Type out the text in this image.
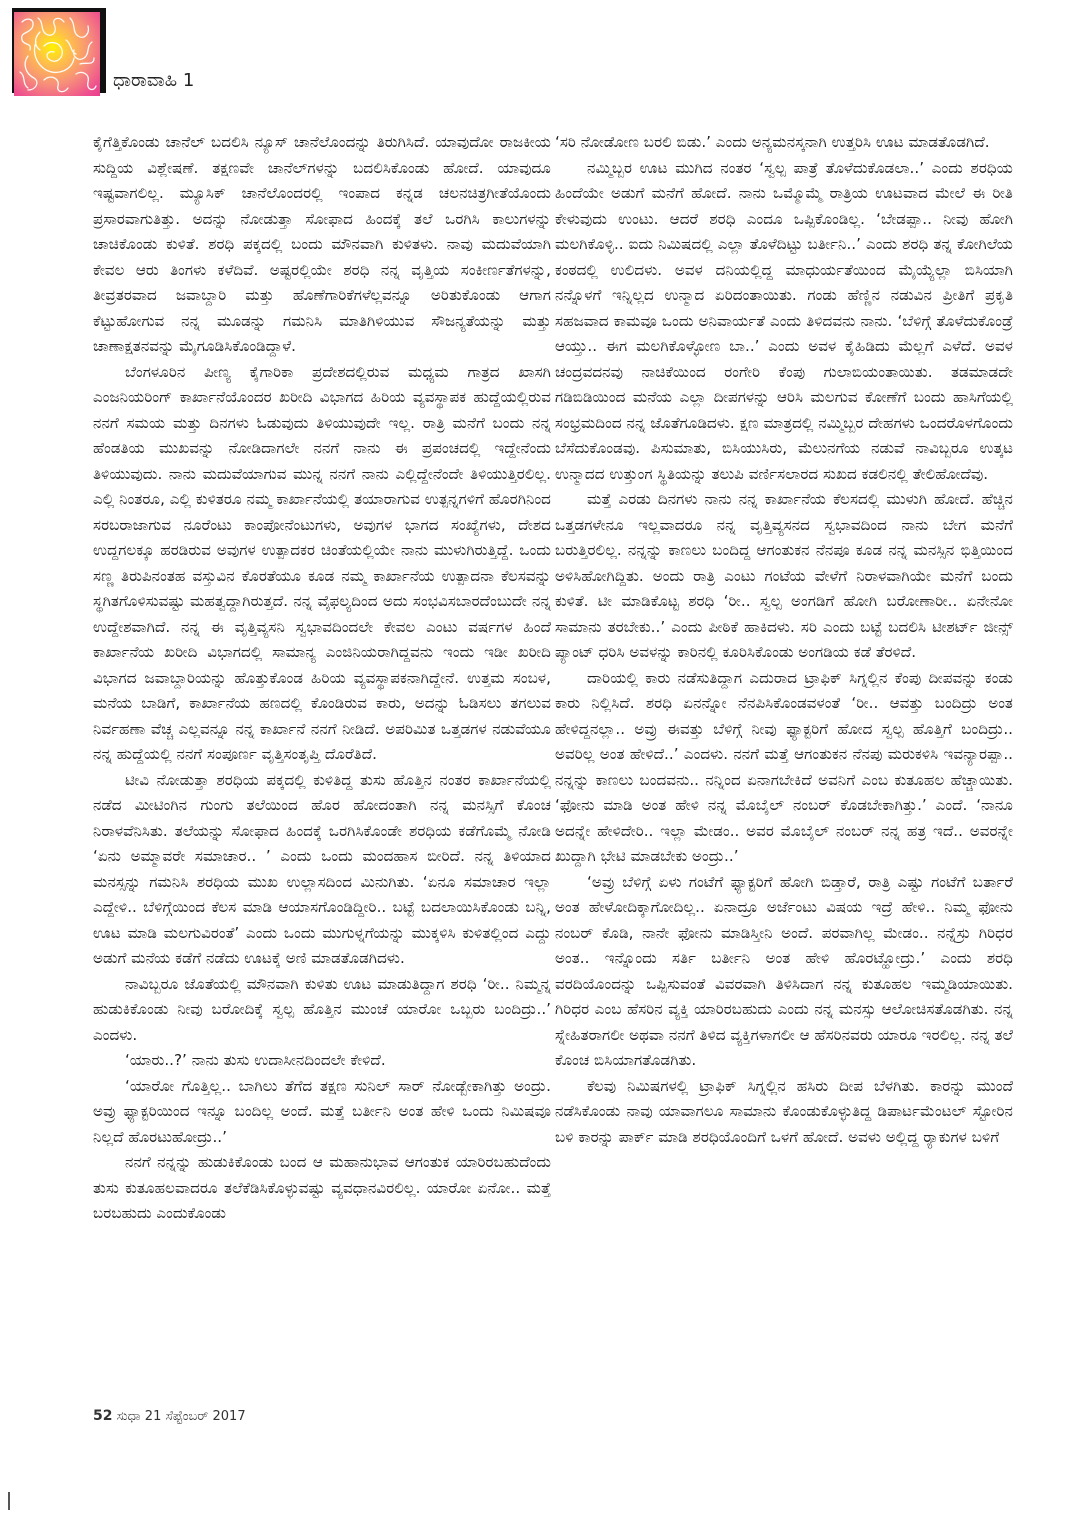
ಧಾರಾವಾಹಿ 1

ಕೈಗೆತ್ತಿಕೊಂಡು ಚಾನೆಲ್ ಬದಲಿಸಿ ನ್ಯೂಸ್ ಚಾನೆಲೊಂದನ್ನು ತಿರುಗಿಸಿದೆ. ಯಾವುದೋ ರಾಜಕೀಯ ಸುದ್ದಿಯ ವಿಶ್ಲೇಷಣೆ. ತಕ್ಷಣವೇ ಚಾನೆಲ್‌ಗಳನ್ನು ಬದಲಿಸಿಕೊಂಡು ಹೋದೆ. ಯಾವುದೂ ಇಷ್ಟವಾಗಲಿಲ್ಲ. ಮ್ಯೂಸಿಕ್ ಚಾನೆಲೊಂದರಲ್ಲಿ ಇಂಪಾದ ಕನ್ನಡ ಚಲನಚಿತ್ರಗೀತೆಯೊಂದು ಪ್ರಸಾರವಾಗುತಿತ್ತು. ಅದನ್ನು ನೋಡುತ್ತಾ ಸೋಫಾದ ಹಿಂದಕ್ಕೆ ತಲೆ ಒರಗಿಸಿ ಕಾಲುಗಳನ್ನು ಚಾಚಿಕೊಂಡು ಕುಳಿತೆ. ಶರಧಿ ಪಕ್ಕದಲ್ಲಿ ಬಂದು ಮೌನವಾಗಿ ಕುಳಿತಳು. ನಾವು ಮದುವೆಯಾಗಿ ಕೇವಲ ಆರು ತಿಂಗಳು ಕಳೆದಿವೆ. ಅಷ್ಟರಲ್ಲಿಯೇ ಶರಧಿ ನನ್ನ ವೃತ್ತಿಯ ಸಂಕೀರ್ಣತೆಗಳನ್ನು, ತೀವ್ರತರವಾದ ಜವಾಬ್ದಾರಿ ಮತ್ತು ಹೊಣೆಗಾರಿಕೆಗಳೆಲ್ಲವನ್ನೂ ಅರಿತುಕೊಂಡು ಆಗಾಗ ಕೆಟ್ಟುಹೋಗುವ ನನ್ನ ಮೂಡನ್ನು ಗಮನಿಸಿ ಮಾತಿಗಿಳಿಯುವ ಸೌಜನ್ಯತೆಯನ್ನು ಮತ್ತು ಚಾಣಾಕ್ಷತನವನ್ನು ಮೈಗೂಡಿಸಿಕೊಂಡಿದ್ದಾಳೆ.

ಬೆಂಗಳೂರಿನ ಪೀಣ್ಯ ಕೈಗಾರಿಕಾ ಪ್ರದೇಶದಲ್ಲಿರುವ ಮಧ್ಯಮ ಗಾತ್ರದ ಖಾಸಗಿ ಎಂಜನಿಯರಿಂಗ್ ಕಾರ್ಖಾನೆಯೊಂದರ ಖರೀದಿ ವಿಭಾಗದ ಹಿರಿಯ ವ್ಯವಸ್ಥಾಪಕ ಹುದ್ದೆಯಲ್ಲಿರುವ ನನಗೆ ಸಮಯ ಮತ್ತು ದಿನಗಳು ಓಡುವುದು ತಿಳಿಯುವುದೇ ಇಲ್ಲ. ರಾತ್ರಿ ಮನೆಗೆ ಬಂದು ನನ್ನ ಹೆಂಡತಿಯ ಮುಖವನ್ನು ನೋಡಿದಾಗಲೇ ನನಗೆ ನಾನು ಈ ಪ್ರಪಂಚದಲ್ಲಿ ಇದ್ದೇನೆಂದು ತಿಳಿಯುವುದು. ನಾನು ಮದುವೆಯಾಗುವ ಮುನ್ನ ನನಗೆ ನಾನು ಎಲ್ಲಿದ್ದೇನೆಂದೇ ತಿಳಿಯುತ್ತಿರಲಿಲ್ಲ. ಎಲ್ಲಿ ನಿಂತರೂ, ಎಲ್ಲಿ ಕುಳಿತರೂ ನಮ್ಮ ಕಾರ್ಖಾನೆಯಲ್ಲಿ ತಯಾರಾಗುವ ಉತ್ಪನ್ನಗಳಿಗೆ ಹೊರಗಿನಿಂದ ಸರಬರಾಜಾಗುವ ನೂರೆಂಟು ಕಾಂಪೋನೆಂಟುಗಳು, ಅವುಗಳ ಭಾಗದ ಸಂಖ್ಯೆಗಳು, ದೇಶದ ಉದ್ದಗಲಕ್ಕೂ ಹರಡಿರುವ ಅವುಗಳ ಉತ್ಪಾದಕರ ಚಿಂತೆಯಲ್ಲಿಯೇ ನಾನು ಮುಳುಗಿರುತ್ತಿದ್ದೆ. ಒಂದು ಸಣ್ಣ ತಿರುಪಿನಂತಹ ವಸ್ತುವಿನ ಕೊರತೆಯೂ ಕೂಡ ನಮ್ಮ ಕಾರ್ಖಾನೆಯ ಉತ್ಪಾದನಾ ಕೆಲಸವನ್ನು ಸ್ಥಗಿತಗೊಳಿಸುವಷ್ಟು ಮಹತ್ವದ್ದಾಗಿರುತ್ತದೆ. ನನ್ನ ವೈಫಲ್ಯದಿಂದ ಅದು ಸಂಭವಿಸಬಾರದೆಂಬುದೇ ನನ್ನ ಉದ್ದೇಶವಾಗಿದೆ. ನನ್ನ ಈ ವೃತ್ತಿವ್ಯಸನಿ ಸ್ವಭಾವದಿಂದಲೇ ಕೇವಲ ಎಂಟು ವರ್ಷಗಳ ಹಿಂದೆ ಕಾರ್ಖಾನೆಯ ಖರೀದಿ ವಿಭಾಗದಲ್ಲಿ ಸಾಮಾನ್ಯ ಎಂಜಿನಿಯರಾಗಿದ್ದವನು ಇಂದು ಇಡೀ ಖರೀದಿ ವಿಭಾಗದ ಜವಾಬ್ದಾರಿಯನ್ನು ಹೊತ್ತುಕೊಂಡ ಹಿರಿಯ ವ್ಯವಸ್ಥಾಪಕನಾಗಿದ್ದೇನೆ. ಉತ್ತಮ ಸಂಬಳ, ಮನೆಯ ಬಾಡಿಗೆ, ಕಾರ್ಖಾನೆಯ ಹಣದಲ್ಲಿ ಕೊಂಡಿರುವ ಕಾರು, ಅದನ್ನು ಓಡಿಸಲು ತಗಲುವ ನಿರ್ವಹಣಾ ವೆಚ್ಚ ಎಲ್ಲವನ್ನೂ ನನ್ನ ಕಾರ್ಖಾನೆ ನನಗೆ ನೀಡಿದೆ. ಅಪರಿಮಿತ ಒತ್ತಡಗಳ ನಡುವೆಯೂ ನನ್ನ ಹುದ್ದೆಯಲ್ಲಿ ನನಗೆ ಸಂಪೂರ್ಣ ವೃತ್ತಿಸಂತೃಪ್ತಿ ದೊರೆತಿದೆ.

ಟೀವಿ ನೋಡುತ್ತಾ ಶರಧಿಯ ಪಕ್ಕದಲ್ಲಿ ಕುಳಿತಿದ್ದ ತುಸು ಹೊತ್ತಿನ ನಂತರ ಕಾರ್ಖಾನೆಯಲ್ಲಿ ನಡೆದ ಮೀಟಿಂಗಿನ ಗುಂಗು ತಲೆಯಿಂದ ಹೊರ ಹೋದಂತಾಗಿ ನನ್ನ ಮನಸ್ಸಿಗೆ ಕೊಂಚ ನಿರಾಳವೆನಿಸಿತು. ತಲೆಯನ್ನು ಸೋಫಾದ ಹಿಂದಕ್ಕೆ ಒರಗಿಸಿಕೊಂಡೇ ಶರಧಿಯ ಕಡೆಗೊಮ್ಮೆ ನೋಡಿ ‘ಏನು ಅಮ್ಮಾವರೇ ಸಮಾಚಾರ.. ’ ಎಂದು ಒಂದು ಮಂದಹಾಸ ಬೀರಿದೆ. ನನ್ನ ತಿಳಿಯಾದ ಮನಸ್ಸನ್ನು ಗಮನಿಸಿ ಶರಧಿಯ ಮುಖ ಉಲ್ಲಾಸದಿಂದ ಮಿನುಗಿತು. ‘ಏನೂ ಸಮಾಚಾರ ಇಲ್ಲಾ ಎದ್ದೇಳಿ.. ಬೆಳಿಗ್ಗೆಯಿಂದ ಕೆಲಸ ಮಾಡಿ ಆಯಾಸಗೊಂಡಿದ್ದೀರಿ.. ಬಟ್ಟೆ ಬದಲಾಯಿಸಿಕೊಂಡು ಬನ್ನಿ, ಊಟ ಮಾಡಿ ಮಲಗುವಿರಂತೆ’ ಎಂದು ಒಂದು ಮುಗುಳ್ನಗೆಯನ್ನು ಮುಕ್ಕಳಿಸಿ ಕುಳಿತಲ್ಲಿಂದ ಎದ್ದು ಅಡುಗೆ ಮನೆಯ ಕಡೆಗೆ ನಡೆದು ಊಟಕ್ಕೆ ಅಣಿ ಮಾಡತೊಡಗಿದಳು.

ನಾವಿಬ್ಬರೂ ಜೊತೆಯಲ್ಲಿ ಮೌನವಾಗಿ ಕುಳಿತು ಊಟ ಮಾಡುತಿದ್ದಾಗ ಶರಧಿ ‘ರೀ.. ನಿಮ್ಮನ್ನ ಹುಡುಕಿಕೊಂಡು ನೀವು ಬರೋದಿಕ್ಕೆ ಸ್ವಲ್ಪ ಹೊತ್ತಿನ ಮುಂಚೆ ಯಾರೋ ಒಬ್ಬರು ಬಂದಿದ್ರು..’ ಎಂದಳು.

‘ಯಾರು..?’ ನಾನು ತುಸು ಉದಾಸೀನದಿಂದಲೇ ಕೇಳಿದೆ.

‘ಯಾರೋ ಗೊತ್ತಿಲ್ಲ.. ಬಾಗಿಲು ತೆಗೆದ ತಕ್ಷಣ ಸುನಿಲ್ ಸಾರ್ ನೋಡ್ಬೇಕಾಗಿತ್ತು ಅಂದ್ರು. ಅವ್ರು ಫ್ಯಾಕ್ಟರಿಯಿಂದ ಇನ್ನೂ ಬಂದಿಲ್ಲ ಅಂದೆ. ಮತ್ತೆ ಬರ್ತೀನಿ ಅಂತ ಹೇಳಿ ಒಂದು ನಿಮಿಷವೂ ನಿಲ್ಲದೆ ಹೊರಟುಹೋದ್ರು..’

ನನಗೆ ನನ್ನನ್ನು ಹುಡುಕಿಕೊಂಡು ಬಂದ ಆ ಮಹಾನುಭಾವ ಆಗಂತುಕ ಯಾರಿರಬಹುದೆಂದು ತುಸು ಕುತೂಹಲವಾದರೂ ತಲೆಕೆಡಿಸಿಕೊಳ್ಳುವಷ್ಟು ವ್ಯವಧಾನವಿರಲಿಲ್ಲ. ಯಾರೋ ಏನೋ.. ಮತ್ತೆ ಬರಬಹುದು ಎಂದುಕೊಂಡು

‘ಸರಿ ನೋಡೋಣ ಬರಲಿ ಬಿಡು.’ ಎಂದು ಅನ್ಯಮನಸ್ಕನಾಗಿ ಉತ್ತರಿಸಿ ಊಟ ಮಾಡತೊಡಗಿದೆ.

ನಮ್ಮಿಬ್ಬರ ಊಟ ಮುಗಿದ ನಂತರ ‘ಸ್ವಲ್ಪ ಪಾತ್ರೆ ತೊಳೆದುಕೊಡಲಾ..’ ಎಂದು ಶರಧಿಯ ಹಿಂದೆಯೇ ಅಡುಗೆ ಮನೆಗೆ ಹೋದೆ. ನಾನು ಒಮ್ಮೊಮ್ಮೆ ರಾತ್ರಿಯ ಊಟವಾದ ಮೇಲೆ ಈ ರೀತಿ ಕೇಳುವುದು ಉಂಟು. ಆದರೆ ಶರಧಿ ಎಂದೂ ಒಪ್ಪಿಕೊಂಡಿಲ್ಲ. ‘ಬೇಡಪ್ಪಾ.. ನೀವು ಹೋಗಿ ಮಲಗಿಕೊಳ್ಳಿ.. ಐದು ನಿಮಿಷದಲ್ಲಿ ಎಲ್ಲಾ ತೊಳೆದಿಟ್ಟು ಬರ್ತೀನಿ..’ ಎಂದು ಶರಧಿ ತನ್ನ ಕೋಗಿಲೆಯ ಕಂಠದಲ್ಲಿ ಉಲಿದಳು. ಅವಳ ದನಿಯಲ್ಲಿದ್ದ ಮಾಧುರ್ಯತೆಯಿಂದ ಮೈಯ್ಯೆಲ್ಲಾ ಬಿಸಿಯಾಗಿ ನನ್ನೊಳಗೆ ಇನ್ನಿಲ್ಲದ ಉನ್ಮಾದ ಏರಿದಂತಾಯಿತು. ಗಂಡು ಹೆಣ್ಣಿನ ನಡುವಿನ ಪ್ರೀತಿಗೆ ಪ್ರಕೃತಿ ಸಹಜವಾದ ಕಾಮವೂ ಒಂದು ಅನಿವಾರ್ಯತೆ ಎಂದು ತಿಳಿದವನು ನಾನು. ‘ಬೆಳಿಗ್ಗೆ ತೊಳೆದುಕೊಂಡ್ರೆ ಆಯ್ತು.. ಈಗ ಮಲಗಿಕೊಳ್ಳೋಣ ಬಾ..’ ಎಂದು ಅವಳ ಕೈಹಿಡಿದು ಮೆಲ್ಲಗೆ ಎಳೆದೆ. ಅವಳ ಚಂದ್ರವದನವು ನಾಚಿಕೆಯಿಂದ ರಂಗೇರಿ ಕೆಂಪು ಗುಲಾಬಿಯಂತಾಯಿತು. ತಡಮಾಡದೇ ಗಡಿಬಿಡಿಯಿಂದ ಮನೆಯ ಎಲ್ಲಾ ದೀಪಗಳನ್ನು ಆರಿಸಿ ಮಲಗುವ ಕೋಣೆಗೆ ಬಂದು ಹಾಸಿಗೆಯಲ್ಲಿ ಸಂಭ್ರಮದಿಂದ ನನ್ನ ಜೊತೆಗೂಡಿದಳು. ಕ್ಷಣ ಮಾತ್ರದಲ್ಲಿ ನಮ್ಮಿಬ್ಬರ ದೇಹಗಳು ಒಂದರೊಳಗೊಂದು ಬೆಸೆದುಕೊಂಡವು. ಪಿಸುಮಾತು, ಬಿಸಿಯುಸಿರು, ಮೆಲುನಗೆಯ ನಡುವೆ ನಾವಿಬ್ಬರೂ ಉತ್ಕಟ ಉನ್ಮಾದದ ಉತ್ತುಂಗ ಸ್ಥಿತಿಯನ್ನು ತಲುಪಿ ವರ್ಣಿಸಲಾರದ ಸುಖದ ಕಡಲಿನಲ್ಲಿ ತೇಲಿಹೋದೆವು.

ಮತ್ತೆ ಎರಡು ದಿನಗಳು ನಾನು ನನ್ನ ಕಾರ್ಖಾನೆಯ ಕೆಲಸದಲ್ಲಿ ಮುಳುಗಿ ಹೋದೆ. ಹೆಚ್ಚಿನ ಒತ್ತಡಗಳೇನೂ ಇಲ್ಲವಾದರೂ ನನ್ನ ವೃತ್ತಿವ್ಯಸನದ ಸ್ವಭಾವದಿಂದ ನಾನು ಬೇಗ ಮನೆಗೆ ಬರುತ್ತಿರಲಿಲ್ಲ. ನನ್ನನ್ನು ಕಾಣಲು ಬಂದಿದ್ದ ಆಗಂತುಕನ ನೆನಪೂ ಕೂಡ ನನ್ನ ಮನಸ್ಸಿನ ಭಿತ್ತಿಯಿಂದ ಅಳಿಸಿಹೋಗಿದ್ದಿತು. ಅಂದು ರಾತ್ರಿ ಎಂಟು ಗಂಟೆಯ ವೇಳೆಗೆ ನಿರಾಳವಾಗಿಯೇ ಮನೆಗೆ ಬಂದು ಕುಳಿತೆ. ಟೀ ಮಾಡಿಕೊಟ್ಟ ಶರಧಿ ‘ರೀ.. ಸ್ವಲ್ಪ ಅಂಗಡಿಗೆ ಹೋಗಿ ಬರೋಣಾರೀ.. ಏನೇನೋ ಸಾಮಾನು ತರಬೇಕು..’ ಎಂದು ಪೀಠಿಕೆ ಹಾಕಿದಳು. ಸರಿ ಎಂದು ಬಟ್ಟೆ ಬದಲಿಸಿ ಟೀಶರ್ಟ್ ಜೀನ್ಸ್ ಪ್ಯಾಂಟ್ ಧರಿಸಿ ಅವಳನ್ನು ಕಾರಿನಲ್ಲಿ ಕೂರಿಸಿಕೊಂಡು ಅಂಗಡಿಯ ಕಡೆ ತೆರಳಿದೆ.

ದಾರಿಯಲ್ಲಿ ಕಾರು ನಡೆಸುತಿದ್ದಾಗ ಎದುರಾದ ಟ್ರಾಫಿಕ್ ಸಿಗ್ನಲ್ಲಿನ ಕೆಂಪು ದೀಪವನ್ನು ಕಂಡು ಕಾರು ನಿಲ್ಲಿಸಿದೆ. ಶರಧಿ ಏನನ್ನೋ ನೆನಪಿಸಿಕೊಂಡವಳಂತೆ ‘ರೀ.. ಆವತ್ತು ಬಂದಿದ್ರು ಅಂತ ಹೇಳಿದ್ದನಲ್ಲಾ.. ಅವ್ರು ಈವತ್ತು ಬೆಳಿಗ್ಗೆ ನೀವು ಫ್ಯಾಕ್ಟರಿಗೆ ಹೋದ ಸ್ವಲ್ಪ ಹೊತ್ತಿಗೆ ಬಂದಿದ್ರು.. ಅವರಿಲ್ಲ ಅಂತ ಹೇಳಿದೆ..’ ಎಂದಳು. ನನಗೆ ಮತ್ತೆ ಆಗಂತುಕನ ನೆನಪು ಮರುಕಳಿಸಿ ಇವನ್ಯಾರಪ್ಪಾ.. ನನ್ನನ್ನು ಕಾಣಲು ಬಂದವನು.. ನನ್ನಿಂದ ಏನಾಗಬೇಕಿದೆ ಅವನಿಗೆ ಎಂಬ ಕುತೂಹಲ ಹೆಚ್ಚಾಯಿತು. ‘ಫೋನು ಮಾಡಿ ಅಂತ ಹೇಳಿ ನನ್ನ ಮೊಬೈಲ್ ನಂಬರ್ ಕೊಡಬೇಕಾಗಿತ್ತು.’ ಎಂದೆ. ‘ನಾನೂ ಅದನ್ನೇ ಹೇಳಿದೇರಿ.. ಇಲ್ಲಾ ಮೇಡಂ.. ಅವರ ಮೊಬೈಲ್ ನಂಬರ್ ನನ್ನ ಹತ್ರ ಇದೆ.. ಅವರನ್ನೇ ಖುದ್ದಾಗಿ ಭೇಟಿ ಮಾಡಬೇಕು ಅಂದ್ರು..’

‘ಅವ್ರು ಬೆಳಿಗ್ಗೆ ಏಳು ಗಂಟೆಗೆ ಫ್ಯಾಕ್ಟರಿಗೆ ಹೋಗಿ ಬಿಡ್ತಾರೆ, ರಾತ್ರಿ ಎಷ್ಟು ಗಂಟೆಗೆ ಬರ್ತಾರೆ ಅಂತ ಹೇಳೋದಿಕ್ಕಾಗೋದಿಲ್ಲ.. ಏನಾದ್ರೂ ಅರ್ಜೆಂಟು ವಿಷಯ ಇದ್ರೆ ಹೇಳಿ.. ನಿಮ್ಮ ಫೋನು ನಂಬರ್ ಕೊಡಿ, ನಾನೇ ಫೋನು ಮಾಡಿಸ್ತೀನಿ ಅಂದೆ. ಪರವಾಗಿಲ್ಲ ಮೇಡಂ.. ನನ್ನೆಸ್ರು ಗಿರಿಧರ ಅಂತ.. ಇನ್ನೊಂದು ಸರ್ತಿ ಬರ್ತೀನಿ ಅಂತ ಹೇಳಿ ಹೊರಟ್ಹೋದ್ರು.’ ಎಂದು ಶರಧಿ ವರದಿಯೊಂದನ್ನು ಒಪ್ಪಿಸುವಂತೆ ವಿವರವಾಗಿ ತಿಳಿಸಿದಾಗ ನನ್ನ ಕುತೂಹಲ ಇಮ್ಮಡಿಯಾಯಿತು. ಗಿರಿಧರ ಎಂಬ ಹೆಸರಿನ ವ್ಯಕ್ತಿ ಯಾರಿರಬಹುದು ಎಂದು ನನ್ನ ಮನಸ್ಸು ಆಲೋಚಿಸತೊಡಗಿತು. ನನ್ನ ಸ್ನೇಹಿತರಾಗಲೀ ಅಥವಾ ನನಗೆ ತಿಳಿದ ವ್ಯಕ್ತಿಗಳಾಗಲೀ ಆ ಹೆಸರಿನವರು ಯಾರೂ ಇರಲಿಲ್ಲ. ನನ್ನ ತಲೆ ಕೊಂಚ ಬಿಸಿಯಾಗತೊಡಗಿತು.

ಕೆಲವು ನಿಮಿಷಗಳಲ್ಲಿ ಟ್ರಾಫಿಕ್ ಸಿಗ್ನಲ್ಲಿನ ಹಸಿರು ದೀಪ ಬೆಳಗಿತು. ಕಾರನ್ನು ಮುಂದೆ ನಡೆಸಿಕೊಂಡು ನಾವು ಯಾವಾಗಲೂ ಸಾಮಾನು ಕೊಂಡುಕೊಳ್ಳುತಿದ್ದ ಡಿಪಾರ್ಟಮೆಂಟಲ್ ಸ್ಟೋರಿನ ಬಳಿ ಕಾರನ್ನು ಪಾರ್ಕ್ ಮಾಡಿ ಶರಧಿಯೊಂದಿಗೆ ಒಳಗೆ ಹೋದೆ. ಅವಳು ಅಲ್ಲಿದ್ದ ರ್‍ಯಾಕುಗಳ ಬಳಿಗೆ

52 ಸುಧಾ 21 ಸೆಪ್ಟೆಂಬರ್ 2017
